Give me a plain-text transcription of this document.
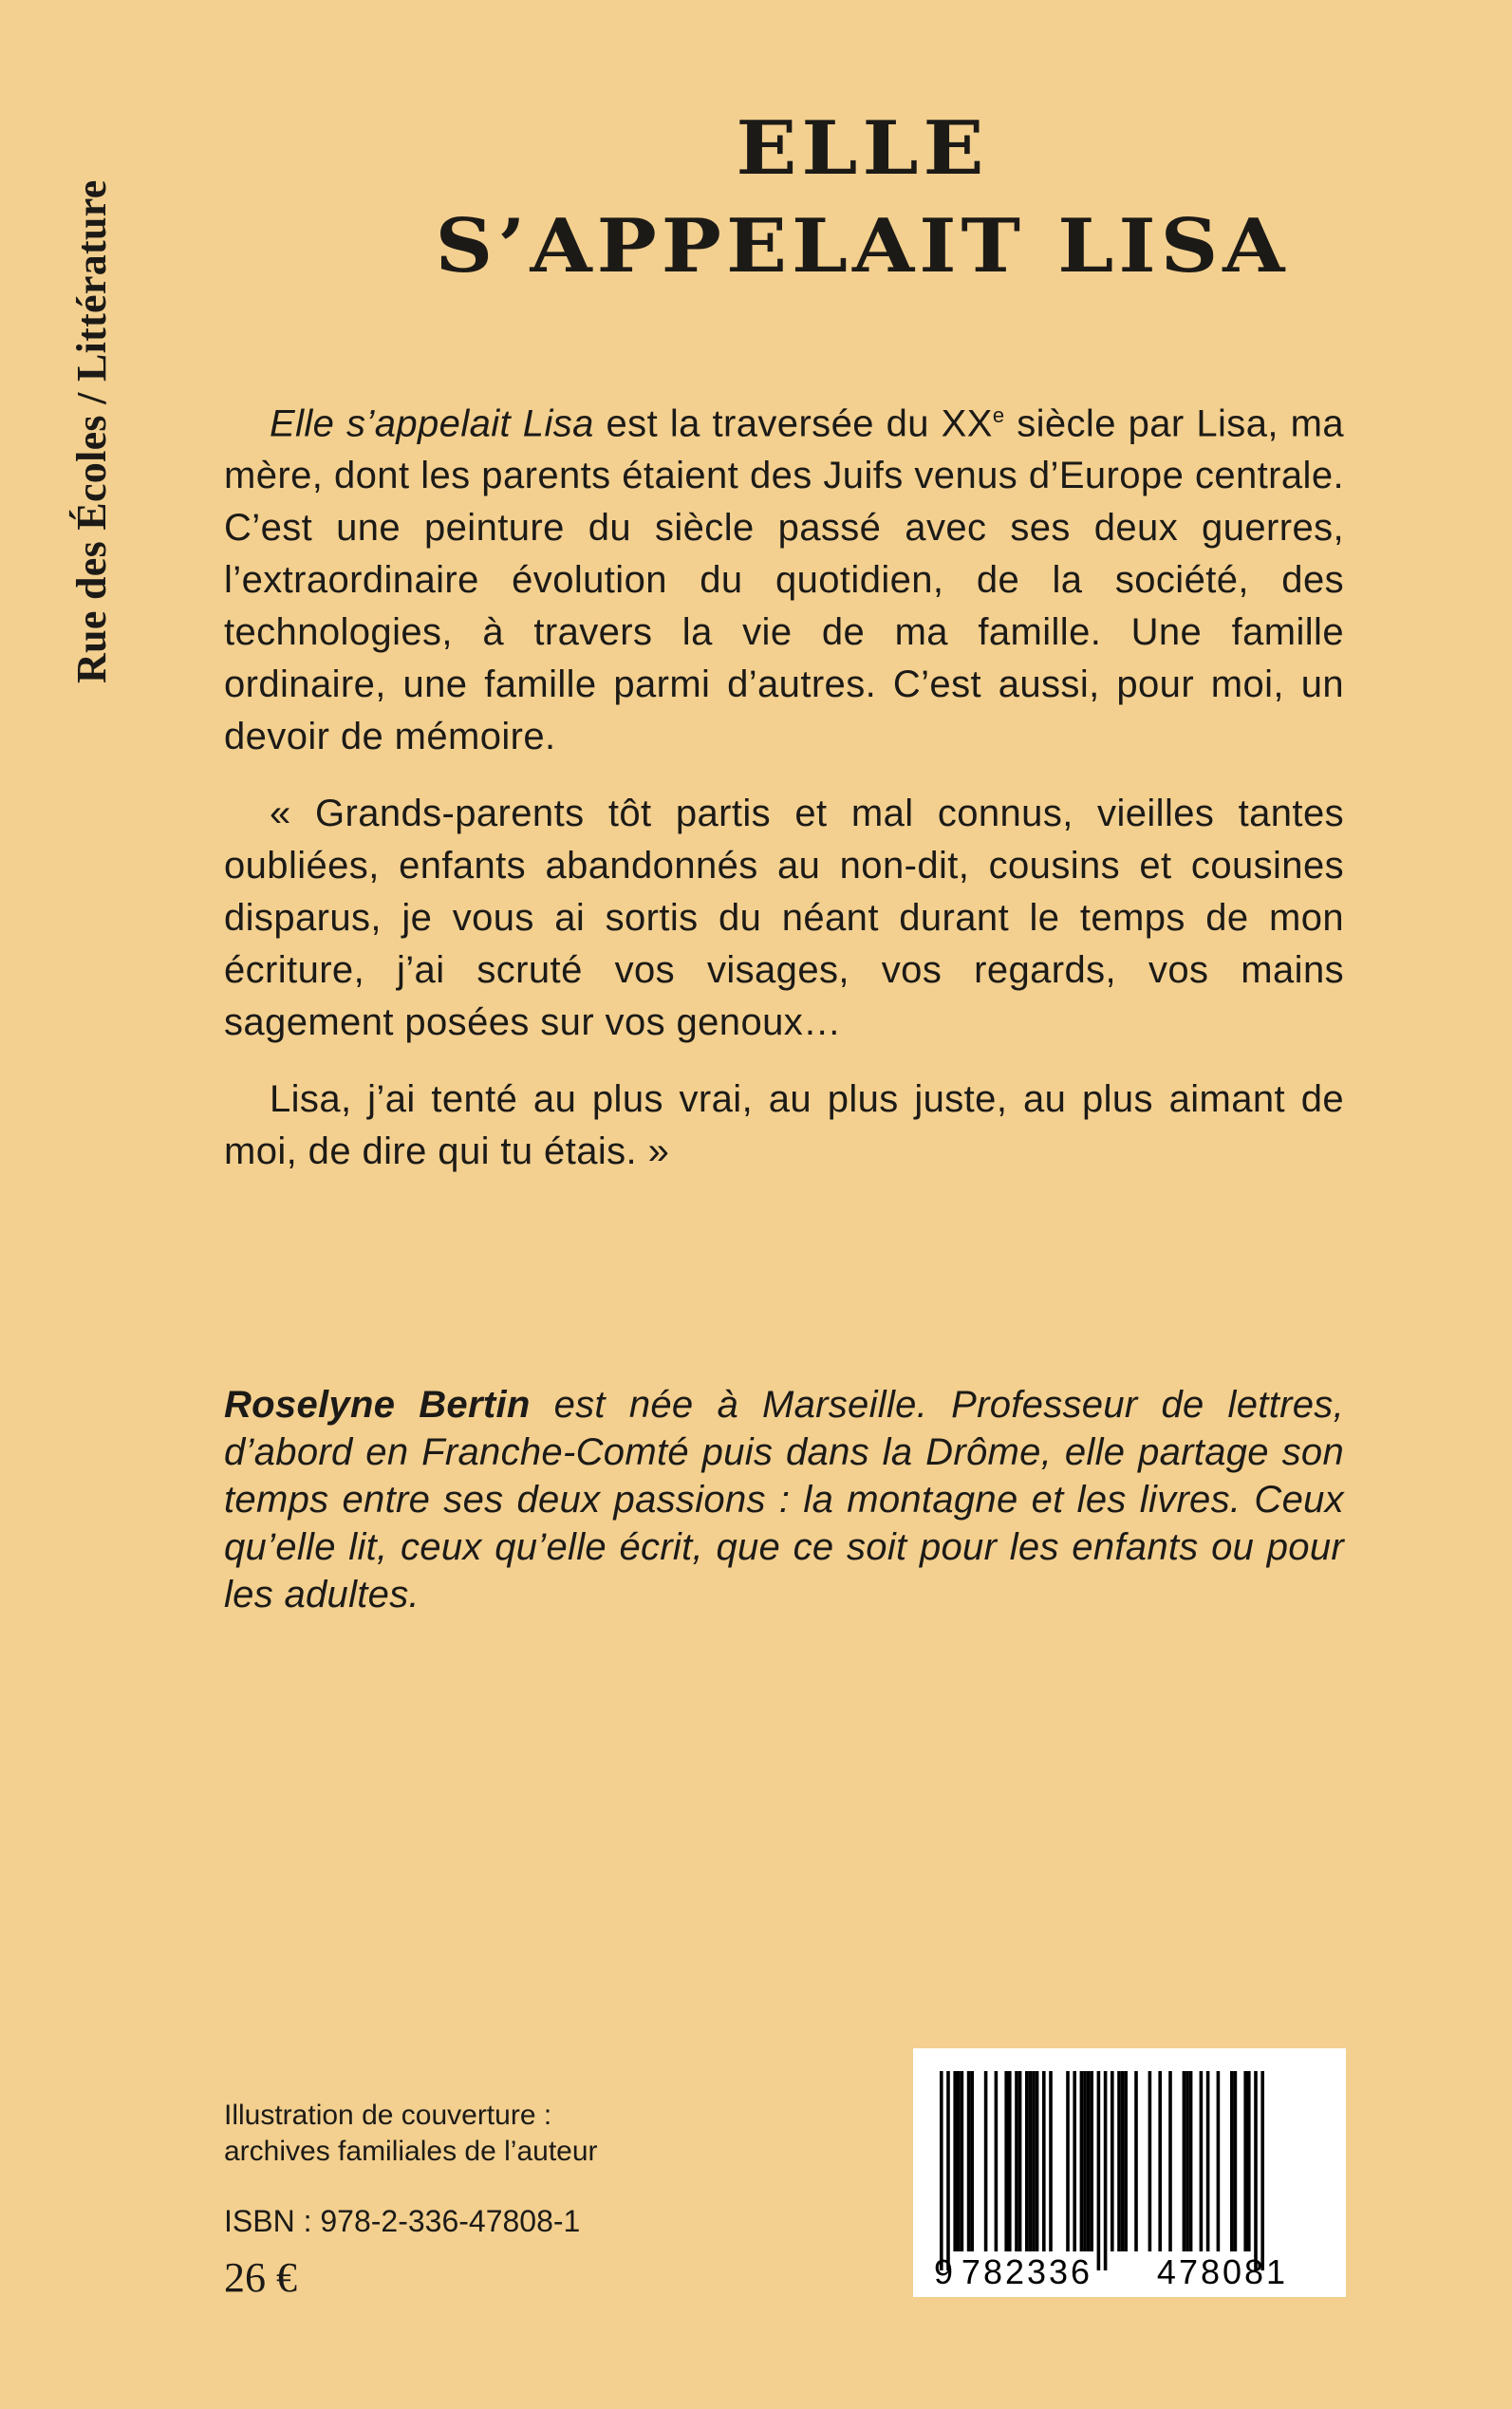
Rue des Écoles / Littérature
ELLE
S’APPELAIT LISA

Elle s’appelait Lisa est la traversée du XXe siècle par Lisa, ma mère, dont les parents étaient des Juifs venus d’Europe centrale. C’est une peinture du siècle passé avec ses deux guerres, l’extraordinaire évolution du quotidien, de la société, des technologies, à travers la vie de ma famille. Une famille ordinaire, une famille parmi d’autres. C’est aussi, pour moi, un devoir de mémoire.

« Grands-parents tôt partis et mal connus, vieilles tantes oubliées, enfants abandonnés au non-dit, cousins et cousines disparus, je vous ai sortis du néant durant le temps de mon écriture, j’ai scruté vos visages, vos regards, vos mains sagement posées sur vos genoux…

Lisa, j’ai tenté au plus vrai, au plus juste, au plus aimant de moi, de dire qui tu étais. »

Roselyne Bertin est née à Marseille. Professeur de lettres, d’abord en Franche-Comté puis dans la Drôme, elle partage son temps entre ses deux passions : la montagne et les livres. Ceux qu’elle lit, ceux qu’elle écrit, que ce soit pour les enfants ou pour les adultes.

Illustration de couverture :
archives familiales de l’auteur
ISBN : 978-2-336-47808-1
26 €	9 782336 478081
